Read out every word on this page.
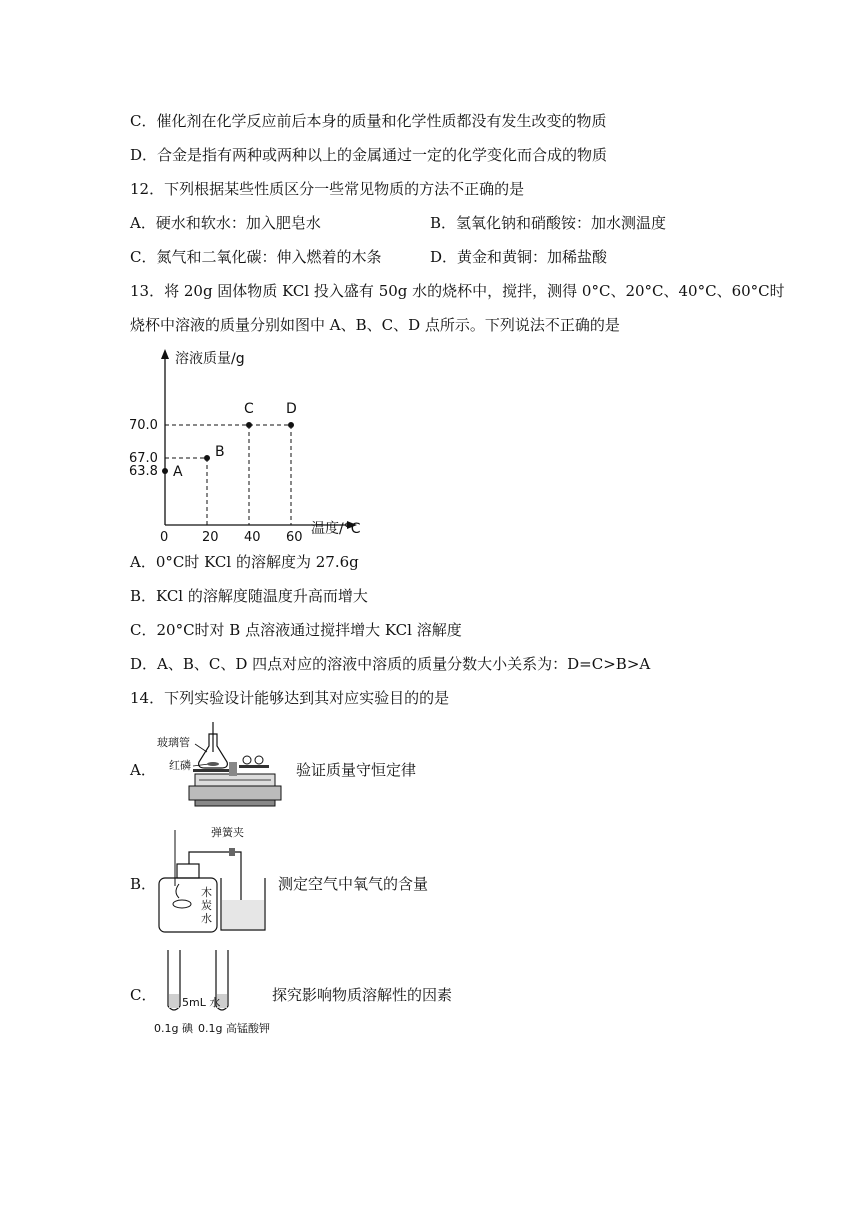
C．催化剂在化学反应前后本身的质量和化学性质都没有发生改变的物质
D．合金是指有两种或两种以上的金属通过一定的化学变化而合成的物质
12．下列根据某些性质区分一些常见物质的方法不正确的是
A．硬水和软水：加入肥皂水	B．氢氧化钠和硝酸铵：加水测温度
C．氮气和二氧化碳：伸入燃着的木条	D．黄金和黄铜：加稀盐酸
13．将 20g 固体物质 KCl 投入盛有 50g 水的烧杯中，搅拌，测得 0°C、20°C、40°C、60°C时
烧杯中溶液的质量分别如图中 A、B、C、D 点所示。下列说法不正确的是
溶液质量/g
温度/°C
0	20 40 60
63.8
67.0
70.0
A
B
C D
A．0°C时 KCl 的溶解度为 27.6g
B．KCl 的溶解度随温度升高而增大
C．20°C时对 B 点溶液通过搅拌增大 KCl 溶解度
D．A、B、C、D 四点对应的溶液中溶质的质量分数大小关系为：D=C>B>A
14．下列实验设计能够达到其对应实验目的的是
A．
玻璃管
红磷	验证质量守恒定律
B．
弹簧夹
木
炭
水
测定空气中氧气的含量
C． 5mL 水
0.1g 碘 0.1g 高锰酸钾
探究影响物质溶解性的因素
